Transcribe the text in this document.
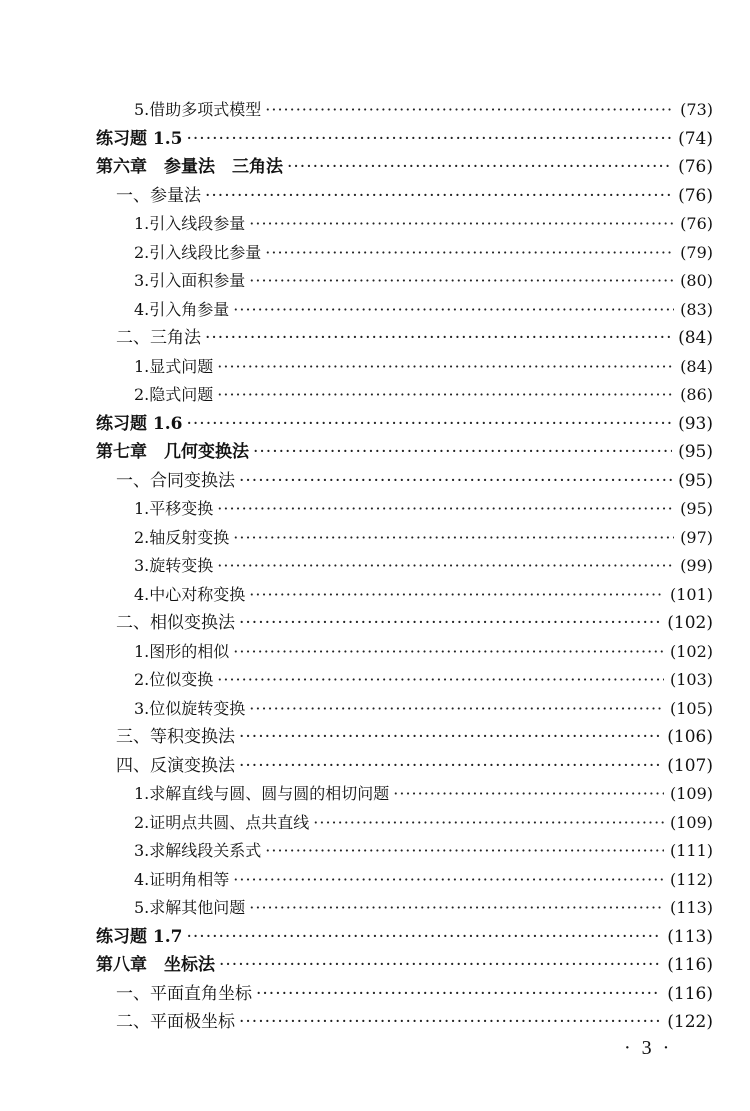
5.借助多项式模型 ·····	(73)
练习题 1.5 ·····	(74)
第六章　参量法　三角法 ·····	(76)
一、参量法 ·····	(76)
1.引入线段参量 ·····	(76)
2.引入线段比参量 ·····	(79)
3.引入面积参量 ·····	(80)
4.引入角参量 ·····	(83)
二、三角法 ·····	(84)
1.显式问题 ·····	(84)
2.隐式问题 ·····	(86)
练习题 1.6 ·····	(93)
第七章　几何变换法 ·····	(95)
一、合同变换法 ·····	(95)
1.平移变换 ·····	(95)
2.轴反射变换 ·····	(97)
3.旋转变换 ·····	(99)
4.中心对称变换 ·····	(101)
二、相似变换法 ·····	(102)
1.图形的相似 ·····	(102)
2.位似变换 ·····	(103)
3.位似旋转变换 ·····	(105)
三、等积变换法 ·····	(106)
四、反演变换法 ·····	(107)
1.求解直线与圆、圆与圆的相切问题 ·····	(109)
2.证明点共圆、点共直线 ·····	(109)
3.求解线段关系式 ·····	(111)
4.证明角相等 ·····	(112)
5.求解其他问题 ·····	(113)
练习题 1.7 ·····	(113)
第八章　坐标法 ·····	(116)
一、平面直角坐标 ·····	(116)
二、平面极坐标 ·····	(122)
· 3 ·
